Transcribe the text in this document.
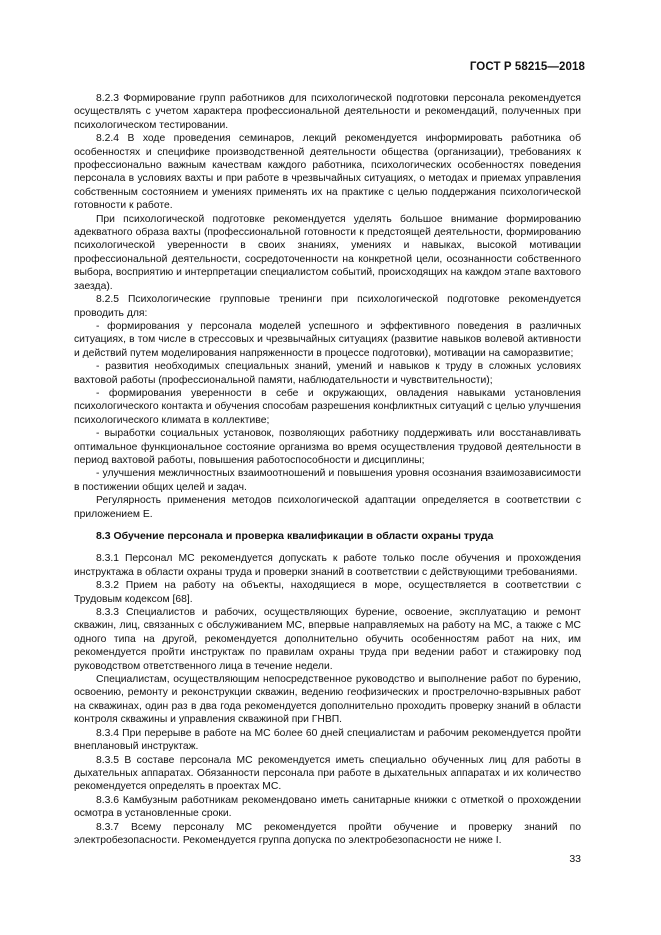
ГОСТ Р 58215—2018

8.2.3 Формирование групп работников для психологической подготовки персонала рекомендуется осуществлять с учетом характера профессиональной деятельности и рекомендаций, полученных при психологическом тестировании.

8.2.4 В ходе проведения семинаров, лекций рекомендуется информировать работника об особенностях и специфике производственной деятельности общества (организации), требованиях к профессионально важным качествам каждого работника, психологических особенностях поведения персонала в условиях вахты и при работе в чрезвычайных ситуациях, о методах и приемах управления собственным состоянием и умениях применять их на практике с целью поддержания психологической готовности к работе.

При психологической подготовке рекомендуется уделять большое внимание формированию адекватного образа вахты (профессиональной готовности к предстоящей деятельности, формированию психологической уверенности в своих знаниях, умениях и навыках, высокой мотивации профессиональной деятельности, сосредоточенности на конкретной цели, осознанности собственного выбора, восприятию и интерпретации специалистом событий, происходящих на каждом этапе вахтового заезда).

8.2.5 Психологические групповые тренинги при психологической подготовке рекомендуется проводить для:

- формирования у персонала моделей успешного и эффективного поведения в различных ситуациях, в том числе в стрессовых и чрезвычайных ситуациях (развитие навыков волевой активности и действий путем моделирования напряженности в процессе подготовки), мотивации на саморазвитие;

- развития необходимых специальных знаний, умений и навыков к труду в сложных условиях вахтовой работы (профессиональной памяти, наблюдательности и чувствительности);

- формирования уверенности в себе и окружающих, овладения навыками установления психологического контакта и обучения способам разрешения конфликтных ситуаций с целью улучшения психологического климата в коллективе;

- выработки социальных установок, позволяющих работнику поддерживать или восстанавливать оптимальное функциональное состояние организма во время осуществления трудовой деятельности в период вахтовой работы, повышения работоспособности и дисциплины;

- улучшения межличностных взаимоотношений и повышения уровня осознания взаимозависимости в постижении общих целей и задач.

Регулярность применения методов психологической адаптации определяется в соответствии с приложением Е.

8.3 Обучение персонала и проверка квалификации в области охраны труда

8.3.1 Персонал МС рекомендуется допускать к работе только после обучения и прохождения инструктажа в области охраны труда и проверки знаний в соответствии с действующими требованиями.

8.3.2 Прием на работу на объекты, находящиеся в море, осуществляется в соответствии с Трудовым кодексом [68].

8.3.3 Специалистов и рабочих, осуществляющих бурение, освоение, эксплуатацию и ремонт скважин, лиц, связанных с обслуживанием МС, впервые направляемых на работу на МС, а также с МС одного типа на другой, рекомендуется дополнительно обучить особенностям работ на них, им рекомендуется пройти инструктаж по правилам охраны труда при ведении работ и стажировку под руководством ответственного лица в течение недели.

Специалистам, осуществляющим непосредственное руководство и выполнение работ по бурению, освоению, ремонту и реконструкции скважин, ведению геофизических и прострелочно-взрывных работ на скважинах, один раз в два года рекомендуется дополнительно проходить проверку знаний в области контроля скважины и управления скважиной при ГНВП.

8.3.4 При перерыве в работе на МС более 60 дней специалистам и рабочим рекомендуется пройти внеплановый инструктаж.

8.3.5 В составе персонала МС рекомендуется иметь специально обученных лиц для работы в дыхательных аппаратах. Обязанности персонала при работе в дыхательных аппаратах и их количество рекомендуется определять в проектах МС.

8.3.6 Камбузным работникам рекомендовано иметь санитарные книжки с отметкой о прохождении осмотра в установленные сроки.

8.3.7 Всему персоналу МС рекомендуется пройти обучение и проверку знаний по электробезопасности. Рекомендуется группа допуска по электробезопасности не ниже I.

33
